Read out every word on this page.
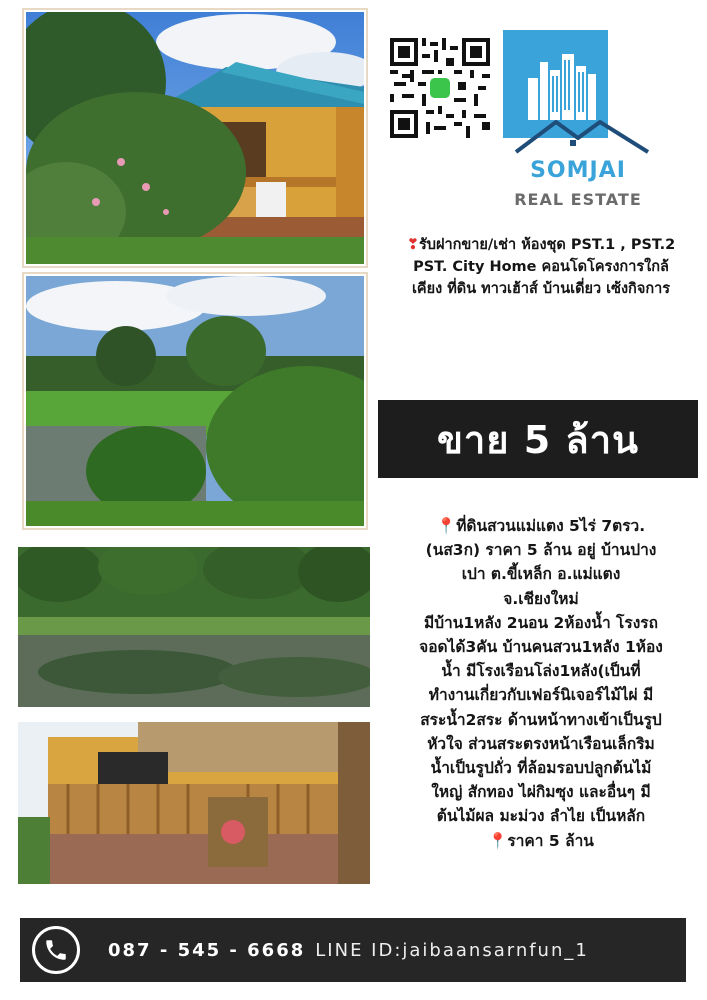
SOMJAI
REAL ESTATE
❣รับฝากขาย/เช่า ห้องชุด PST.1 , PST.2
PST. City Home คอนโดโครงการใกล้
เคียง ที่ดิน ทาวเฮ้าส์ บ้านเดี่ยว เซ้งกิจการ
ขาย 5 ล้าน
📍ที่ดินสวนแม่แตง 5ไร่ 7ตรว.
(นส3ก) ราคา 5 ล้าน อยู่ บ้านปาง
เปา ต.ขี้เหล็ก อ.แม่แตง
จ.เชียงใหม่
มีบ้าน1หลัง 2นอน 2ห้องน้ำ โรงรถ
จอดได้3คัน บ้านคนสวน1หลัง 1ห้อง
น้ำ มีโรงเรือนโล่ง1หลัง(เป็นที่
ทำงานเกี่ยวกับเฟอร์นิเจอร์ไม้ไผ่ มี
สระน้ำ2สระ ด้านหน้าทางเข้าเป็นรูป
หัวใจ ส่วนสระตรงหน้าเรือนเล็กริม
น้ำเป็นรูปถั่ว ที่ล้อมรอบปลูกต้นไม้
ใหญ่ สักทอง ไผ่กิมซุง และอื่นๆ มี
ต้นไม้ผล มะม่วง ลำไย เป็นหลัก
📍ราคา 5 ล้าน
087 - 545 - 6668 LINE ID:jaibaansarnfun_1
